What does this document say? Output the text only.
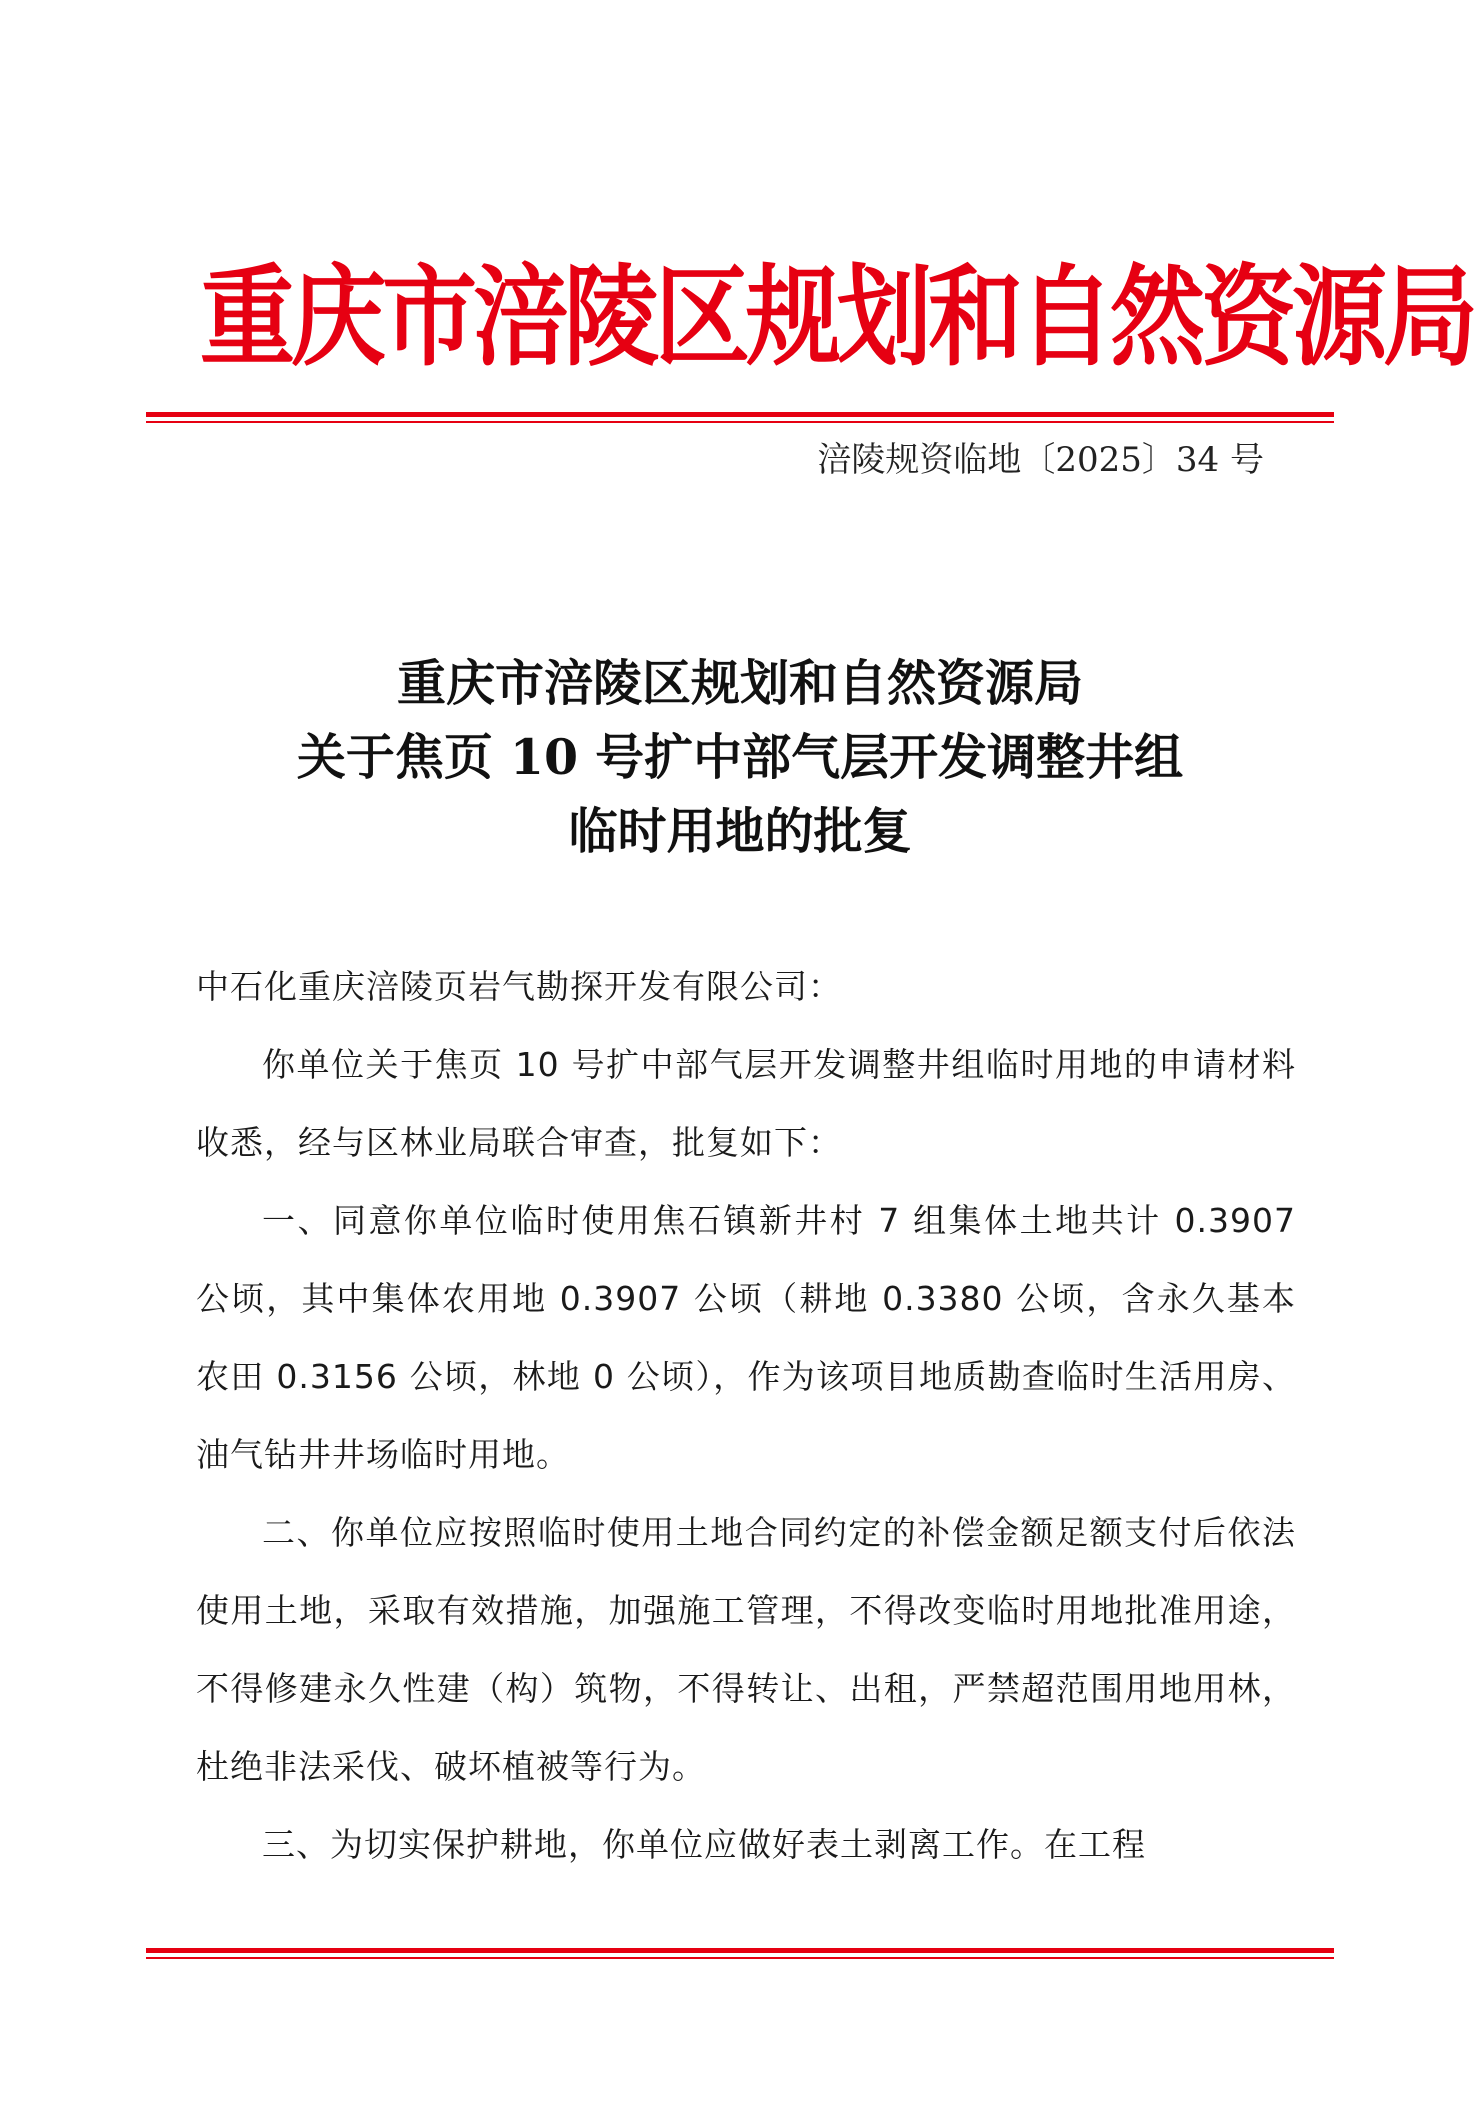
重庆市涪陵区规划和自然资源局
涪陵规资临地〔2025〕34 号
重庆市涪陵区规划和自然资源局
关于焦页 10 号扩中部气层开发调整井组
临时用地的批复

中石化重庆涪陵页岩气勘探开发有限公司：

你单位关于焦页 10 号扩中部气层开发调整井组临时用地的申请材料收悉，经与区林业局联合审查，批复如下：

一、同意你单位临时使用焦石镇新井村 7 组集体土地共计 0.3907 公顷，其中集体农用地 0.3907 公顷（耕地 0.3380 公顷，含永久基本农田 0.3156 公顷，林地 0 公顷），作为该项目地质勘查临时生活用房、油气钻井井场临时用地。

二、你单位应按照临时使用土地合同约定的补偿金额足额支付后依法使用土地，采取有效措施，加强施工管理，不得改变临时用地批准用途，不得修建永久性建（构）筑物，不得转让、出租，严禁超范围用地用林，杜绝非法采伐、破坏植被等行为。

三、为切实保护耕地，你单位应做好表土剥离工作。在工程
